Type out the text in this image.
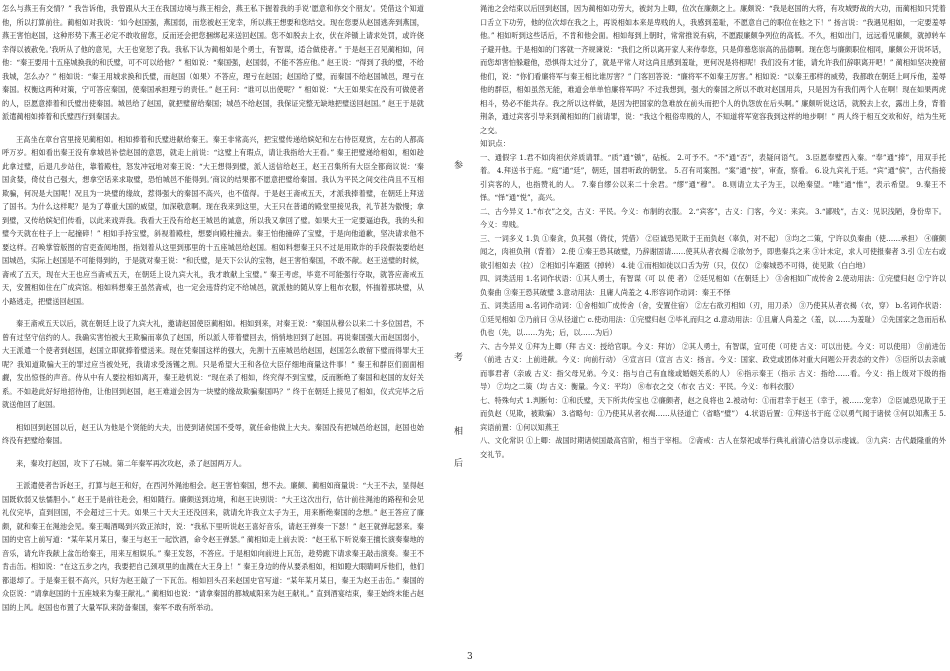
怎么与燕王有交情？” 我告诉他，我曾跟从大王在我国边境与燕王相会，燕王私下握着我的手说‘愿意和你交个朋友’。凭借这个知道他，所以打算前往。蔺相如对我说：‘如今赵国强，燕国弱，而您被赵王宠幸，所以燕王想要和您结交。现在您要从赵国逃奔到燕国，燕王害怕赵国，这种形势下燕王必定不敢收留您，反而还会把您捆绑起来送回赵国。您不如脱去上衣，伏在斧锧上请求处罚，或许侥幸得以被赦免。’我听从了他的意见，大王也宽恕了我。我私下认为蔺相如是个勇士，有智谋，适合做使者。” 于是赵王召见蔺相如，问他：“秦王要用十五座城换我的和氏璧，可不可以给他？” 相如说：“秦国强，赵国弱，不能不答应他。” 赵王说：“得到了我的璧，不给我城，怎么办？” 相如说：“秦王用城求换和氏璧，而赵国（如果）不答应，理亏在赵国；赵国给了璧，而秦国不给赵国城邑，理亏在秦国。权衡这两种对策，宁可答应秦国，使秦国承担理亏的责任。” 赵王问：“谁可以出使呢？” 相如说：“大王如果实在没有可做使者的人，臣愿意捧着和氏璧出使秦国。城邑给了赵国，就把璧留给秦国；城邑不给赵国，我保证完整无缺地把璧送回赵国。” 赵王于是就派遣蔺相如捧着和氏璧西行到秦国去。

王高坐在章台宫里接见蔺相如。相如捧着和氏璧进献给秦王。秦王非常高兴，把宝璧传递给嫔妃和左右侍臣观赏，左右的人都高呼万岁。相如看出秦王没有拿城邑补偿赵国的意思，就走上前说：“这璧上有瑕点，请让我指给大王看。” 秦王把璧递给相如，相如趁此拿过璧，后退几步站住，靠着殿柱，怒发冲冠地对秦王说：“大王想得到璧，派人送信给赵王，赵王召集所有大臣全都商议说：‘秦国贪婪，倚仗自己强大，想拿空话来求取璧，恐怕城邑不能得到。’商议的结果都不愿意把璧给秦国。我认为平民之间交往尚且不互相欺骗，何况是大国呢！况且为一块璧的缘故，惹得强大的秦国不高兴，也不值得。于是赵王斋戒五天，才派我捧着璧，在朝廷上拜送了国书。为什么这样呢？是为了尊重大国的威望，加深敬意啊。现在我来到这里，大王只在普通的殿堂里接见我，礼节甚为傲慢；拿到璧，又传给嫔妃们传看，以此来戏弄我。我看大王没有给赵王城邑的诚意，所以我又拿回了璧。如果大王一定要逼迫我，我的头和璧今天就在柱子上一起撞碎！” 相如手持宝璧，斜视着殿柱，想要向殿柱撞去。秦王怕他撞碎了宝璧，于是向他道歉，坚决请求他不要这样。召唤掌管版图的官吏查阅地图，指划着从这里到那里的十五座城邑给赵国。相如料想秦王只不过是用欺诈的手段假装要给赵国城邑，实际上赵国是不可能得到的，于是就对秦王说：“和氏璧，是天下公认的宝物，赵王害怕秦国，不敢不献。赵王送璧的时候，斋戒了五天，现在大王也应当斋戒五天，在朝廷上设九宾大礼，我才敢献上宝璧。” 秦王考虑，毕竟不可能强行夺取，就答应斋戒五天，安置相如住在广成宾馆。相如料想秦王虽然斋戒，也一定会违背约定不给城邑，就派他的随从穿上粗布衣服，怀揣着那块璧，从小路逃走，把璧送回赵国。

秦王斋戒五天以后，就在朝廷上设了九宾大礼，邀请赵国使臣蔺相如。相如到来，对秦王说：“秦国从穆公以来二十多位国君，不曾有过坚守信约的人。我确实害怕被大王欺骗而辜负了赵国，所以派人带着璧回去，悄悄地回到了赵国。再说秦国强大而赵国弱小，大王派遣一个使者到赵国，赵国立即就捧着璧送来。现在凭秦国这样的强大，先割十五座城邑给赵国，赵国怎么敢留下璧而得罪大王呢？我知道欺骗大王的罪过应当被处死，我请求受汤镬之刑。只是希望大王和各位大臣仔细地商量这件事！” 秦王和群臣们面面相觑，发出惊怪的声音。侍从中有人要拉相如离开，秦王趁机说：“现在杀了相如，终究得不到宝璧，反而断绝了秦国和赵国的友好关系。不如趁此好好地招待他，让他回到赵国，赵王难道会因为一块璧的缘故欺骗秦国吗？” 终于在朝廷上接见了相如，仪式完毕之后就送他回了赵国。

相如回到赵国以后，赵王认为他是个贤能的大夫，出使到诸侯国不受辱，就任命他做上大夫。秦国没有把城邑给赵国，赵国也始终没有把璧给秦国。

来，秦攻打赵国，攻下了石城。第二年秦军再次攻赵，杀了赵国两万人。

王派遣使者告诉赵王，打算与赵王和好，在西河外渑池相会。赵王害怕秦国，想不去。廉颇、蔺相如商量说：“大王不去，显得赵国既软弱又怯懦胆小。” 赵王于是前往赴会，相如随行。廉颇送到边境，和赵王诀别说：“大王这次出行，估计前往渑池的路程和会见礼仪完毕，直到回国，不会超过三十天。如果三十天大王还没回来，就请允许我立太子为王，用来断绝秦国的念想。” 赵王答应了廉颇，就和秦王在渑池会见。秦王喝酒喝到兴致正浓时，说：“我私下里听说赵王喜好音乐，请赵王弹奏一下瑟！” 赵王就弹起瑟来。秦国的史官上前写道：“某年某月某日，秦王与赵王一起饮酒，命令赵王弹瑟。” 蔺相如走上前去说：“赵王私下听说秦王擅长演奏秦地的音乐，请允许我献上盆缶给秦王，用来互相娱乐。” 秦王发怒，不答应。于是相如向前进上瓦缶，趁势跪下请求秦王敲击演奏。秦王不肯击缶。相如说：“在这五步之内，我要把自己颈项里的血溅在大王身上！” 秦王身边的侍从要杀相如，相如瞪大眼睛呵斥他们，他们都退却了。于是秦王很不高兴，只好为赵王敲了一下瓦缶。相如回头召来赵国史官写道：“某年某月某日，秦王为赵王击缶。” 秦国的众臣说：“请拿赵国的十五座城来为秦王献礼。” 蔺相如也说：“请拿秦国的都城咸阳来为赵王献礼。” 直到酒宴结束，秦王始终未能占赵国的上风。赵国也布置了大量军队来防备秦国，秦军不敢有所举动。

参
考
相
后

渑池之会结束以后回到赵国，因为蔺相如功劳大，被封为上卿，位次在廉颇之上。廉颇说：“我是赵国的大将，有攻城野战的大功，而蔺相如只凭着口舌立下功劳，他的位次却在我之上，再说相如本来是卑贱的人，我感到羞耻，不愿意自己的职位在他之下！” 扬言说：“我遇见相如，一定要羞辱他。” 相如听到这些话后，不肯和他会面。相如每到上朝时，常常推说有病，不愿跟廉颇争列位的高低。不久，相如出门，远远看见廉颇，就掉转车子避开他。于是相如的门客就一齐规谏说：“我们之所以离开家人来侍奉您，只是仰慕您崇高的品德啊。现在您与廉颇职位相同，廉颇公开说坏话，而您却害怕躲避他，恐惧得太过分了，就是平常人对这尚且感到羞耻，更何况是将相呢！我们没有才能，请允许我们辞职离开吧！” 蔺相如坚决挽留他们，说：“你们看廉将军与秦王相比谁厉害？” 门客回答说：“廉将军不如秦王厉害。” 相如说：“以秦王那样的威势，我都敢在朝廷上呵斥他，羞辱他的群臣，相如虽然无能，难道会单单怕廉将军吗？不过我想到，强大的秦国之所以不敢对赵国用兵，只是因为有我们两个人在啊！现在如果两虎相斗，势必不能共存。我之所以这样做，是因为把国家的急难放在前头而把个人的仇怨放在后头啊。” 廉颇听说这话，就脱去上衣，露出上身，背着荆条，通过宾客引导来到蔺相如的门前请罪，说：“我这个粗俗卑贱的人，不知道将军宽容我到这样的地步啊！” 两人终于相互交欢和好，结为生死之交。

知识点：

一、通假字 1.君不如肉袒伏斧质请罪。“质”通“锧”，砧板。 2.可予不。“不”通“否”，表疑问语气。 3.臣愿奉璧西入秦。“奉”通“捧”，用双手托着。 4.拜送书于庭。“庭”通“廷”，朝廷，国君听政的朝堂。 5.召有司案图。“案”通“按”，审查，察看。 6.设九宾礼于廷。“宾”通“傧”，古代指接引宾客的人，也指赞礼的人。 7.秦自缪公以来二十余君。“缪”通“穆”。 8.则请立太子为王，以绝秦望。“唯”通“惟”，表示希望。 9.秦王不怿。“怿”通“悦”，高兴。

二、古今异义 1.“布衣”之交，古义：平民。今义：布制的衣服。 2.“宾客”，古义：门客，今义：来宾。 3.“鄙贱”，古义：见识浅陋，身份卑下。今义：卑贱。

三、一词多义 1.负 ①秦贪，负其强（倚仗，凭借） ②臣诚恐见欺于王而负赵（辜负，对不起） ③均之二策，宁许以负秦曲（使……承担） ④廉颇闻之，肉袒负荆（背着） 2.使 ①秦王恐其破璧，乃辞谢固请……使其从者衣褐 ②欲勿予，即患秦兵之来 ③计未定，求人可使报秦者 3.引 ①左右或欲引相如去（拉） ②相如引车避匿（掉转） 4.徒 ①而相如徒以口舌为劳（只，仅仅） ②秦城恐不可得，徒见欺（白白地）

四、词类活用 1.名词作状语：①其人勇士，有智谋（可 以 使 者） ②廷见相如（在朝廷上） ③舍相如广成传舍 2.使动用法：①完璧归赵 ②宁许以负秦曲 ③秦王恐其破璧 3.意动用法：且庸人尚羞之 4.形容词作动词：秦王不怿

五、词类活用 a.名词作动词：①舍相如广成传舍（舍，安置住宿） ②左右欲刃相如（刃，用刀杀） ③乃使其从者衣褐（衣，穿） b.名词作状语：①廷见相如 ②乃前曰 ③从径道亡 c.使动用法：①完璧归赵 ②毕礼而归之 d.意动用法：①且庸人尚羞之（羞，以……为羞耻） ②先国家之急而后私仇也（先，以……为先；后，以……为后）

六、古今异义 ①拜为上卿（拜 古义：授给官职。今义：拜访） ②其人勇士，有智谋，宜可使（可使 古义：可以出使。今义：可以使用） ③前进缶（前进 古义：上前进献。今义：向前行动） ④宣言曰（宣言 古义：扬言。今义：国家、政党或团体对重大问题公开表态的文件） ⑤臣所以去亲戚而事君者（亲戚 古义：指父母兄弟。今义：指与自己有血缘或婚姻关系的人） ⑥指示秦王（指示 古义：指给……看。今义：指上级对下级的指导） ⑦均之二策（均 古义：衡量。今义：平均） ⑧布衣之交（布衣 古义：平民。今义：布料衣服）

七、特殊句式 1.判断句：①和氏璧，天下所共传宝也 ②廉颇者，赵之良将也 2.被动句：①而君幸于赵王（幸于，被……宠幸） ②臣诚恐见欺于王而负赵（见欺，被欺骗） 3.省略句：①乃使其从者衣褐……从径道亡（省略“璧”） 4.状语后置：①拜送书于庭 ②以勇气闻于诸侯 ③何以知燕王 5.宾语前置：①何以知燕王

八、文化常识 ①上卿：战国时期诸侯国最高官阶，相当于宰相。 ②斋戒：古人在祭祀或举行典礼前清心洁身以示虔诚。 ③九宾：古代最隆重的外交礼节。

3
